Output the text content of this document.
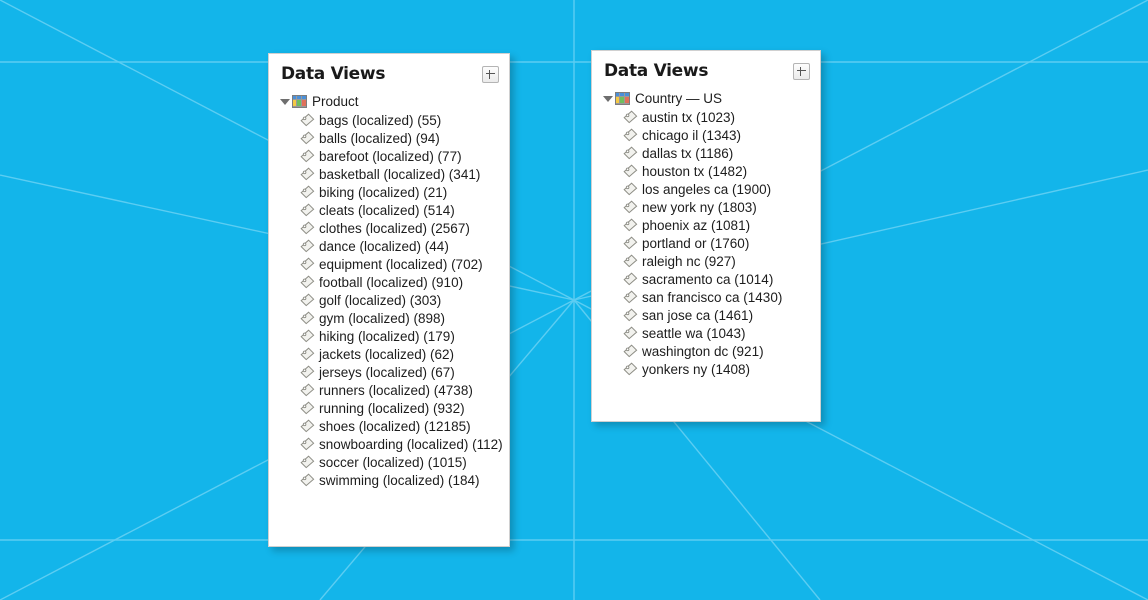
Data Views
Product
bags (localized) (55)
balls (localized) (94)
barefoot (localized) (77)
basketball (localized) (341)
biking (localized) (21)
cleats (localized) (514)
clothes (localized) (2567)
dance (localized) (44)
equipment (localized) (702)
football (localized) (910)
golf (localized) (303)
gym (localized) (898)
hiking (localized) (179)
jackets (localized) (62)
jerseys (localized) (67)
runners (localized) (4738)
running (localized) (932)
shoes (localized) (12185)
snowboarding (localized) (112)
soccer (localized) (1015)
swimming (localized) (184)
Data Views
Country — US
austin tx (1023)
chicago il (1343)
dallas tx (1186)
houston tx (1482)
los angeles ca (1900)
new york ny (1803)
phoenix az (1081)
portland or (1760)
raleigh nc (927)
sacramento ca (1014)
san francisco ca (1430)
san jose ca (1461)
seattle wa (1043)
washington dc (921)
yonkers ny (1408)
